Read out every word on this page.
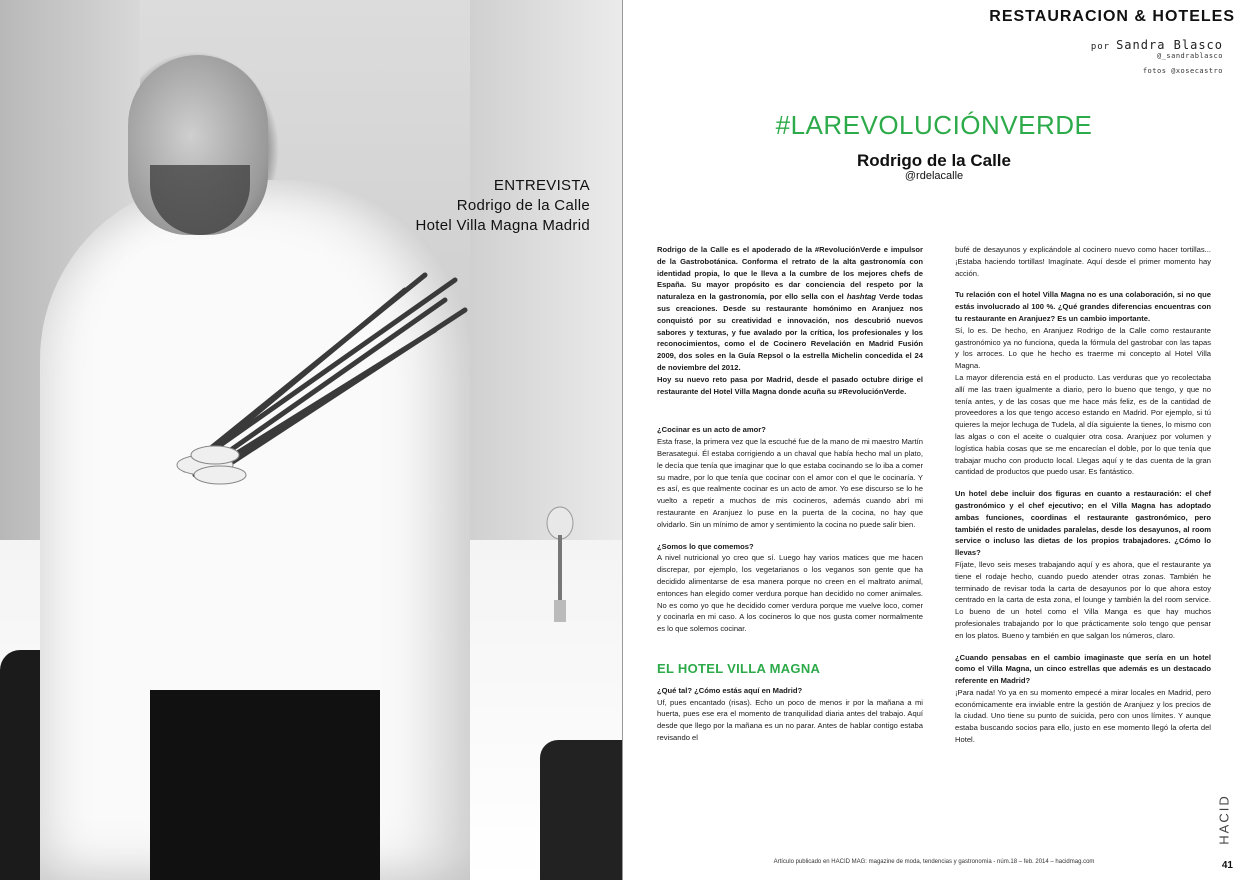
ENTREVISTA
Rodrigo de la Calle
Hotel Villa Magna Madrid
RESTAURACION & HOTELES
por Sandra Blasco
@_sandrablasco
fotos @xosecastro
#LAREVOLUCIÓNVERDE
Rodrigo de la Calle
@rdelacalle

Rodrigo de la Calle es el apoderado de la #RevoluciónVerde e impulsor de la Gastrobotánica. Conforma el retrato de la alta gastronomía con identidad propia, lo que le lleva a la cumbre de los mejores chefs de España. Su mayor propósito es dar conciencia del respeto por la naturaleza en la gastronomía, por ello sella con el hashtag Verde todas sus creaciones. Desde su restaurante homónimo en Aranjuez nos conquistó por su creatividad e innovación, nos descubrió nuevos sabores y texturas, y fue avalado por la crítica, los profesionales y los reconocimientos, como el de Cocinero Revelación en Madrid Fusión 2009, dos soles en la Guía Repsol o la estrella Michelin concedida el 24 de noviembre del 2012.

Hoy su nuevo reto pasa por Madrid, desde el pasado octubre dirige el restaurante del Hotel Villa Magna donde acuña su #RevoluciónVerde.

¿Cocinar es un acto de amor?

Esta frase, la primera vez que la escuché fue de la mano de mi maestro Martín Berasategui. Él estaba corrigiendo a un chaval que había hecho mal un plato, le decía que tenía que imaginar que lo que estaba cocinando se lo iba a comer su madre, por lo que tenía que cocinar con el amor con el que le cocinaría. Y es así, es que realmente cocinar es un acto de amor. Yo ese discurso se lo he vuelto a repetir a muchos de mis cocineros, además cuando abrí mi restaurante en Aranjuez lo puse en la puerta de la cocina, no hay que olvidarlo. Sin un mínimo de amor y sentimiento la cocina no puede salir bien.

¿Somos lo que comemos?

A nivel nutricional yo creo que sí. Luego hay varios matices que me hacen discrepar, por ejemplo, los vegetarianos o los veganos son gente que ha decidido alimentarse de esa manera porque no creen en el maltrato animal, entonces han elegido comer verdura porque han decidido no comer animales. No es como yo que he decidido comer verdura porque me vuelve loco, comer y cocinarla en mi caso. A los cocineros lo que nos gusta comer normalmente es lo que solemos cocinar.

EL HOTEL VILLA MAGNA

¿Qué tal? ¿Cómo estás aquí en Madrid?

Uf, pues encantado (risas). Echo un poco de menos ir por la mañana a mi huerta, pues ese era el momento de tranquilidad diaria antes del trabajo. Aquí desde que llego por la mañana es un no parar. Antes de hablar contigo estaba revisando el

bufé de desayunos y explicándole al cocinero nuevo como hacer tortillas... ¡Estaba haciendo tortillas! Imagínate. Aquí desde el primer momento hay acción.

Tu relación con el hotel Villa Magna no es una colaboración, si no que estás involucrado al 100 %. ¿Qué grandes diferencias encuentras con tu restaurante en Aranjuez? Es un cambio importante.

Sí, lo es. De hecho, en Aranjuez Rodrigo de la Calle como restaurante gastronómico ya no funciona, queda la fórmula del gastrobar con las tapas y los arroces. Lo que he hecho es traerme mi concepto al Hotel Villa Magna.

La mayor diferencia está en el producto. Las verduras que yo recolectaba allí me las traen igualmente a diario, pero lo bueno que tengo, y que no tenía antes, y de las cosas que me hace más feliz, es de la cantidad de proveedores a los que tengo acceso estando en Madrid. Por ejemplo, si tú quieres la mejor lechuga de Tudela, al día siguiente la tienes, lo mismo con las algas o con el aceite o cualquier otra cosa. Aranjuez por volumen y logística había cosas que se me encarecían el doble, por lo que tenía que trabajar mucho con producto local. Llegas aquí y te das cuenta de la gran cantidad de productos que puedo usar. Es fantástico.

Un hotel debe incluir dos figuras en cuanto a restauración: el chef gastronómico y el chef ejecutivo; en el Villa Magna has adoptado ambas funciones, coordinas el restaurante gastronómico, pero también el resto de unidades paralelas, desde los desayunos, al room service o incluso las dietas de los propios trabajadores. ¿Cómo lo llevas?

Fíjate, llevo seis meses trabajando aquí y es ahora, que el restaurante ya tiene el rodaje hecho, cuando puedo atender otras zonas. También he terminado de revisar toda la carta de desayunos por lo que ahora estoy centrado en la carta de esta zona, el lounge y también la del room service. Lo bueno de un hotel como el Villa Manga es que hay muchos profesionales trabajando por lo que prácticamente solo tengo que pensar en los platos. Bueno y también en que salgan los números, claro.

¿Cuando pensabas en el cambio imaginaste que sería en un hotel como el Villa Magna, un cinco estrellas que además es un destacado referente en Madrid?

¡Para nada! Yo ya en su momento empecé a mirar locales en Madrid, pero económicamente era inviable entre la gestión de Aranjuez y los precios de la ciudad. Uno tiene su punto de suicida, pero con unos límites. Y aunque estaba buscando socios para ello, justo en ese momento llegó la oferta del Hotel.

HACID
Artículo publicado en HACID MAG: magazine de moda, tendencias y gastronomía - núm.18 – feb. 2014 – hacidmag.com	41
